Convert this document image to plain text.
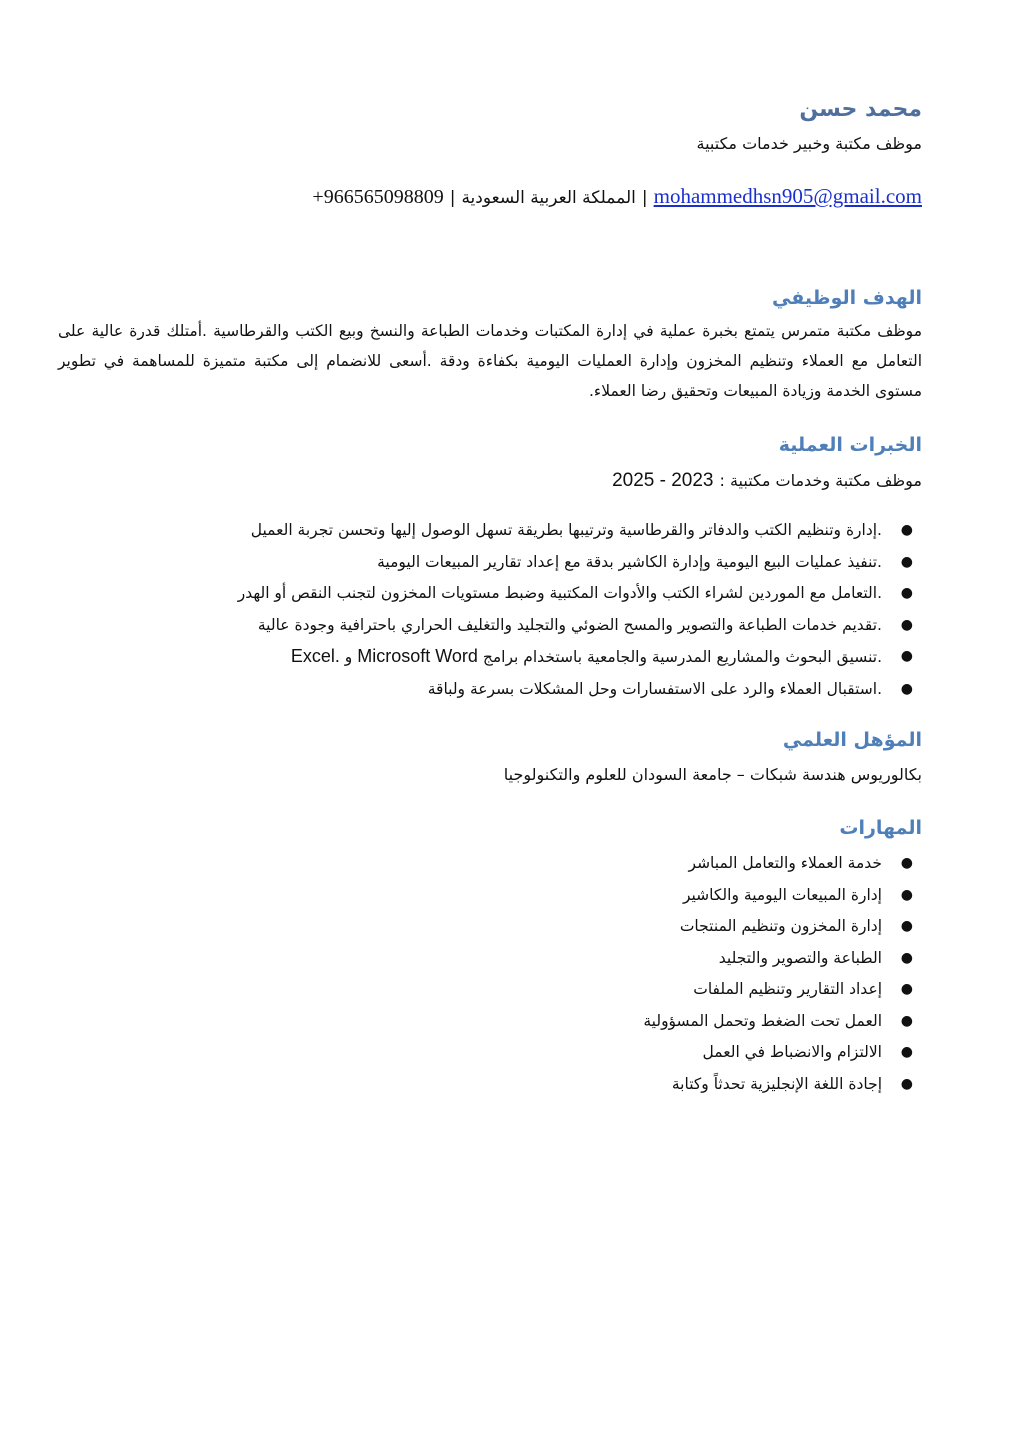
محمد حسن
موظف مكتبة وخبير خدمات مكتبية
mohammedhsn905@gmail.com|المملكة العربية السعودية|+966565098809
الهدف الوظيفي
موظف مكتبة متمرس يتمتع بخبرة عملية في إدارة المكتبات وخدمات الطباعة والنسخ وبيع الكتب والقرطاسية .أمتلك قدرة عالية على التعامل مع العملاء وتنظيم المخزون وإدارة العمليات اليومية بكفاءة ودقة .أسعى للانضمام إلى مكتبة متميزة للمساهمة في تطوير مستوى الخدمة وزيادة المبيعات وتحقيق رضا العملاء.
الخبرات العملية
موظف مكتبة وخدمات مكتبية :2025 - 2023
●
.إدارة وتنظيم الكتب والدفاتر والقرطاسية وترتيبها بطريقة تسهل الوصول إليها وتحسن تجربة العميل
●
.تنفيذ عمليات البيع اليومية وإدارة الكاشير بدقة مع إعداد تقارير المبيعات اليومية
●
.التعامل مع الموردين لشراء الكتب والأدوات المكتبية وضبط مستويات المخزون لتجنب النقص أو الهدر
●
.تقديم خدمات الطباعة والتصوير والمسح الضوئي والتجليد والتغليف الحراري باحترافية وجودة عالية
●
.تنسيق البحوث والمشاريع المدرسية والجامعية باستخدام برامج Microsoft Word و Excel.
●
.استقبال العملاء والرد على الاستفسارات وحل المشكلات بسرعة ولباقة
المؤهل العلمي
بكالوريوس هندسة شبكات – جامعة السودان للعلوم والتكنولوجيا
المهارات
●
خدمة العملاء والتعامل المباشر
●
إدارة المبيعات اليومية والكاشير
●
إدارة المخزون وتنظيم المنتجات
●
الطباعة والتصوير والتجليد
●
إعداد التقارير وتنظيم الملفات
●
العمل تحت الضغط وتحمل المسؤولية
●
الالتزام والانضباط في العمل
●
إجادة اللغة الإنجليزية تحدثاً وكتابة
